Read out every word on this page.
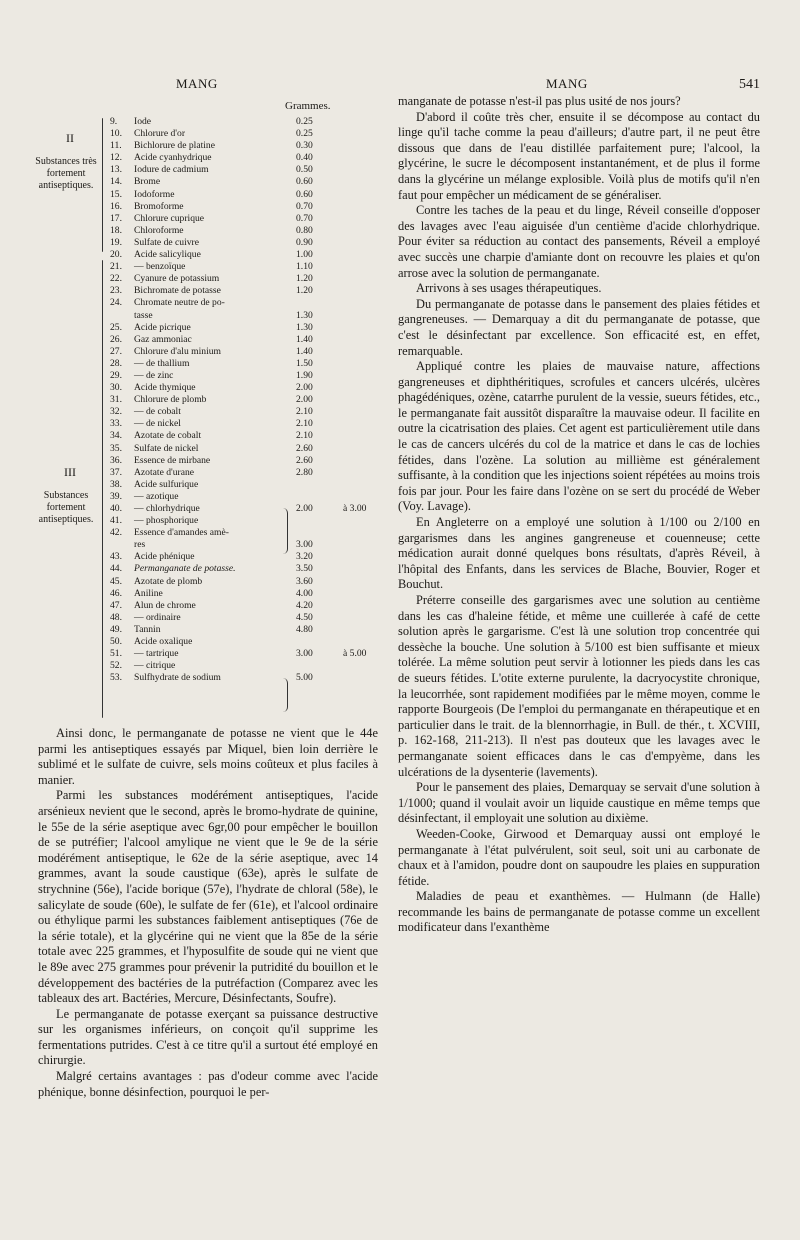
MANG	MANG	541
Grammes.
II
Substances très fortement antiseptiques.
III
Substances fortement antiseptiques.
9.	Iode	0.25
10.	Chlorure d'or	0.25
11.	Bichlorure de platine	0.30
12.	Acide cyanhydrique	0.40
13.	Iodure de cadmium	0.50
14.	Brome	0.60
15.	Iodoforme	0.60
16.	Bromoforme	0.70
17.	Chlorure cuprique	0.70
18.	Chloroforme	0.80
19.	Sulfate de cuivre	0.90
20.	Acide salicylique	1.00
21.	— benzoïque	1.10
22.	Cyanure de potassium	1.20
23.	Bichromate de potasse	1.20
24.	Chromate neutre de po-
tasse	1.30
25.	Acide picrique	1.30
26.	Gaz ammoniac	1.40
27.	Chlorure d'alu minium	1.40
28.	— de thallium	1.50
29.	— de zinc	1.90
30.	Acide thymique	2.00
31.	Chlorure de plomb	2.00
32.	— de cobalt	2.10
33.	— de nickel	2.10
34.	Azotate de cobalt	2.10
35.	Sulfate de nickel	2.60
36.	Essence de mirbane	2.60
37.	Azotate d'urane	2.80
38.	Acide sulfurique
39.	— azotique
40.	— chlorhydrique	2.00	à 3.00
41.	— phosphorique
42.	Essence d'amandes amè-
res	3.00
43.	Acide phénique	3.20
44.	Permanganate de potasse.	3.50
45.	Azotate de plomb	3.60
46.	Aniline	4.00
47.	Alun de chrome	4.20
48.	— ordinaire	4.50
49.	Tannin	4.80
50.	Acide oxalique
51.	— tartrique	3.00	à 5.00
52.	— citrique
53.	Sulfhydrate de sodium	5.00

Ainsi donc, le permanganate de potasse ne vient que le 44e parmi les antiseptiques essayés par Miquel, bien loin derrière le sublimé et le sulfate de cuivre, sels moins coûteux et plus faciles à manier.

Parmi les substances modérément antiseptiques, l'acide arsénieux nevient que le second, après le bromo-hydrate de quinine, le 55e de la série aseptique avec 6gr,00 pour empêcher le bouillon de se putréfier; l'alcool amylique ne vient que le 9e de la série modérément antiseptique, le 62e de la série aseptique, avec 14 grammes, avant la soude caustique (63e), après le sulfate de strychnine (56e), l'acide borique (57e), l'hydrate de chloral (58e), le salicylate de soude (60e), le sulfate de fer (61e), et l'alcool ordinaire ou éthylique parmi les substances faiblement antiseptiques (76e de la série totale), et la glycérine qui ne vient que la 85e de la série totale avec 225 grammes, et l'hyposulfite de soude qui ne vient que le 89e avec 275 grammes pour prévenir la putridité du bouillon et le développement des bactéries de la putréfaction (Comparez avec les tableaux des art. Bactéries, Mercure, Désinfectants, Soufre).

Le permanganate de potasse exerçant sa puissance destructive sur les organismes inférieurs, on conçoit qu'il supprime les fermentations putrides. C'est à ce titre qu'il a surtout été employé en chirurgie.

Malgré certains avantages : pas d'odeur comme avec l'acide phénique, bonne désinfection, pourquoi le per-

manganate de potasse n'est-il pas plus usité de nos jours?

D'abord il coûte très cher, ensuite il se décompose au contact du linge qu'il tache comme la peau d'ailleurs; d'autre part, il ne peut être dissous que dans de l'eau distillée parfaitement pure; l'alcool, la glycérine, le sucre le décomposent instantanément, et de plus il forme dans la glycérine un mélange explosible. Voilà plus de motifs qu'il n'en faut pour empêcher un médicament de se généraliser.

Contre les taches de la peau et du linge, Réveil conseille d'opposer des lavages avec l'eau aiguisée d'un centième d'acide chlorhydrique. Pour éviter sa réduction au contact des pansements, Réveil a employé avec succès une charpie d'amiante dont on recouvre les plaies et qu'on arrose avec la solution de permanganate.

Arrivons à ses usages thérapeutiques.

Du permanganate de potasse dans le pansement des plaies fétides et gangreneuses. — Demarquay a dit du permanganate de potasse, que c'est le désinfectant par excellence. Son efficacité est, en effet, remarquable.

Appliqué contre les plaies de mauvaise nature, affections gangreneuses et diphthéritiques, scrofules et cancers ulcérés, ulcères phagédéniques, ozène, catarrhe purulent de la vessie, sueurs fétides, etc., le permanganate fait aussitôt disparaître la mauvaise odeur. Il facilite en outre la cicatrisation des plaies. Cet agent est particulièrement utile dans le cas de cancers ulcérés du col de la matrice et dans le cas de lochies fétides, dans l'ozène. La solution au millième est généralement suffisante, à la condition que les injections soient répétées au moins trois fois par jour. Pour les faire dans l'ozène on se sert du procédé de Weber (Voy. Lavage).

En Angleterre on a employé une solution à 1/100 ou 2/100 en gargarismes dans les angines gangreneuse et couenneuse; cette médication aurait donné quelques bons résultats, d'après Réveil, à l'hôpital des Enfants, dans les services de Blache, Bouvier, Roger et Bouchut.

Préterre conseille des gargarismes avec une solution au centième dans les cas d'haleine fétide, et même une cuillerée à café de cette solution après le gargarisme. C'est là une solution trop concentrée qui dessèche la bouche. Une solution à 5/100 est bien suffisante et mieux tolérée. La même solution peut servir à lotionner les pieds dans les cas de sueurs fétides. L'otite externe purulente, la dacryocystite chronique, la leucorrhée, sont rapidement modifiées par le même moyen, comme le rapporte Bourgeois (De l'emploi du permanganate en thérapeutique et en particulier dans le trait. de la blennorrhagie, in Bull. de thér., t. XCVIII, p. 162-168, 211-213). Il n'est pas douteux que les lavages avec le permanganate soient efficaces dans le cas d'empyème, dans les ulcérations de la dysenterie (lavements).

Pour le pansement des plaies, Demarquay se servait d'une solution à 1/1000; quand il voulait avoir un liquide caustique en même temps que désinfectant, il employait une solution au dixième.

Weeden-Cooke, Girwood et Demarquay aussi ont employé le permanganate à l'état pulvérulent, soit seul, soit uni au carbonate de chaux et à l'amidon, poudre dont on saupoudre les plaies en suppuration fétide.

Maladies de peau et exanthèmes. — Hulmann (de Halle) recommande les bains de permanganate de potasse comme un excellent modificateur dans l'exanthème
